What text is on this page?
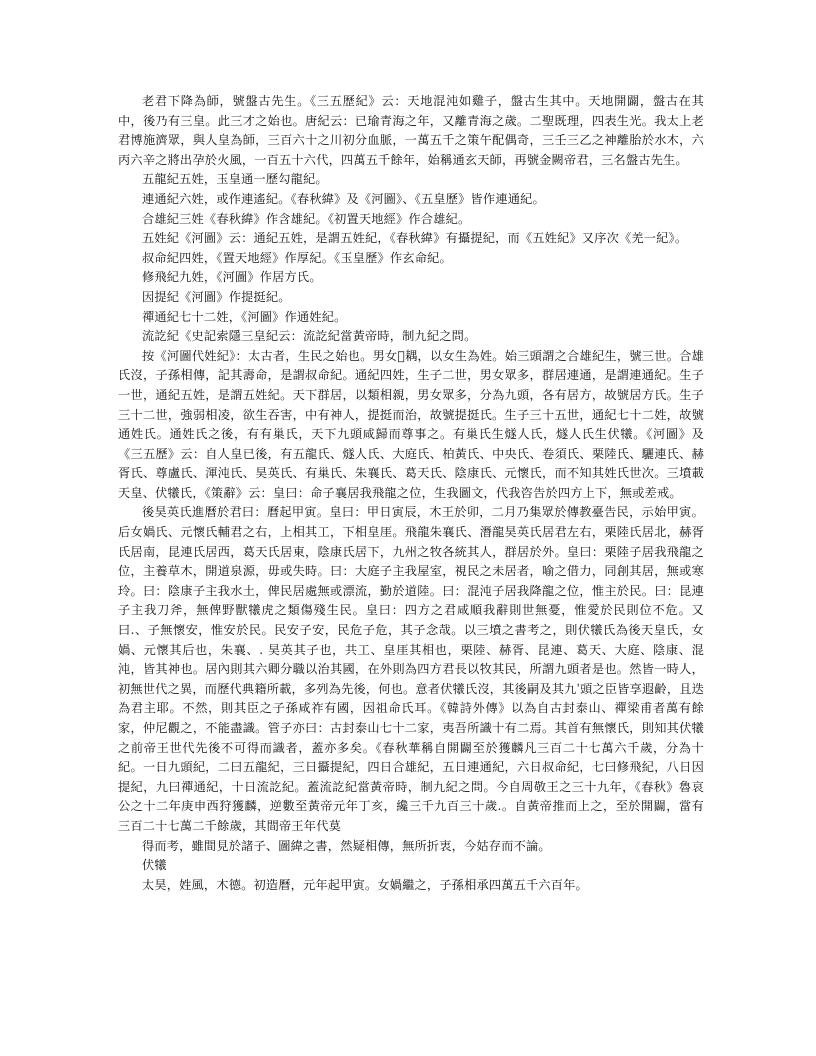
老君下降為師，號盤古先生。《三五歷紀》云：天地混沌如雞子，盤古生其中。天地開闢，盤古在其中，後乃有三皇。此三才之始也。唐紀云：已瑜青海之年，又離青海之歲。二聖既理，四表生光。我太上老君博施濟眾，與人皇為師，三百六十之川初分血脈，一萬五千之策午配偶奇，三壬三乙之神離胎於水木，六丙六辛之將出孕於火風，一百五十六代，四萬五千餘年，始稱通玄天師，再號金闕帝君，三名盤古先生。

五龍紀五姓，玉皇通一歷勾龍紀。

連通紀六姓，或作連遙紀。《春秋緯》及《河圖》、《五皇歷》皆作連通紀。

合雄紀三姓《春秋緯》作含雄紀。《初置天地經》作合雄紀。

五姓紀《河圖》云：通紀五姓，是謂五姓紀，《春秋緯》有攝提紀，而《五姓紀》又序次《羌一紀》。

叔命紀四姓，《置天地經》作厚紀。《玉皇歷》作玄命紀。

修飛紀九姓，《河圖》作居方氏。

因提紀《河圖》作提挺紀。

禪通紀七十二姓，《河圖》作通姓紀。

流訖紀《史記索隱三皇紀云：流訖紀當黃帝時，制九紀之問。

按《河圖代姓紀》：太古者，生民之始也。男女𫂖耦，以女生為姓。始三頭謂之合雄紀生，號三世。合雄氏沒，子孫相傳，記其壽命，是謂叔命紀。通紀四姓，生子二世，男女眾多，群居連通，是謂連通紀。生子一世，通紀五姓，是謂五姓紀。天下群居，以類相親，男女眾多，分為九頭，各有居方，故號居方氏。生子三十二世，強弱相凌，欲生吞害，中有神人，提挺而治，故號提挺氏。生子三十五世，通紀七十二姓，故號通姓氏。通姓氏之後，有有巢氏，天下九頭咸歸而尊事之。有巢氏生燧人氏，燧人氏生伏犧。《河圖》及《三五歷》云：自人皇已後，有五龍氏、燧人氏、大庭氏、柏黃氏、中央氏、卷須氏、栗陸氏、驪連氏、赫胥氏、尊盧氏、渾沌氏、昊英氏、有巢氏、朱襄氏、葛天氏、陰康氏、元懷氏，而不知其姓氏世次。三墳載天皇、伏犧氏，《策辭》云：皇曰：命子襄居我飛龍之位，生我圖文，代我咨告於四方上下，無或差戒。

後昊英氏進曆於君曰：曆起甲寅。皇曰：甲日寅辰，木王於卯，二月乃集眾於傳教臺告民，示始甲寅。后女媧氏、元懷氏輔君之右，上相其工，下相皇厓。飛龍朱襄氏、潛龍昊英氏居君左右，栗陸氏居北，赫胥氏居南，昆連氏居西，葛天氏居東，陰康氏居下，九州之牧各統其人，群居於外。皇曰：栗陸子居我飛龍之位，主養草木，開道泉源，毋或失時。曰：大庭子主我屋室，視民之未居者，喻之借力，同創其居，無或寒玲。曰：陰康子主我水土，俾民居處無或漂流，勤於道陸。曰：混沌子居我降龍之位，惟主於民。曰：昆連子主我刀斧，無俾野獸犧虎之類傷殘生民。皇曰：四方之君咸順我辭則世無憂，惟愛於民則位不危。又曰.、子無懷安，惟安於民。民安子安，民危子危，其子念哉。以三墳之書考之，則伏犧氏為後天皇氏，女媧、元懷其后也，朱襄、. 昊英其子也，共工、皇厓其相也，栗陸、赫胥、昆連、葛天、大庭、陰康、混沌，皆其神也。居內則其六卿分職以治其國，在外則為四方君長以牧其民，所謂九頭者是也。然皆一時人，初無世代之異，而歷代典籍所載，多列為先後，何也。意者伏犧氏沒，其後嗣及其九ˈ頭之臣皆享遐齡，且迭為君主耶。不然，則其臣之子孫咸祚有國，因祖命氏耳。《韓詩外傳》以為自古封泰山、禪梁甫者萬有餘家，仲尼觀之，不能盡識。管子亦曰：古封泰山七十二家，夷吾所識十有二焉。其首有無懷氏，則知其伏犧之前帝王世代先後不可得而識者，蓋亦多矣。《春秋華稱自開闢至於獲麟凡三百二十七萬六千歲，分為十紀。一日九頭紀，二曰五龍紀，三日攝提紀，四日合雄紀，五日連通紀，六日叔命紀，七曰修飛紀，八日因提紀，九曰禪通紀，十日流訖紀。蓋流訖紀當黃帝時，制九紀之問。今自周敬王之三十九年，《春秋》魯哀公之十二年庚申西狩獲麟，逆數至黃帝元年丁亥，纔三千九百三十歲.。自黃帝推而上之，至於開闢，當有三百二十七萬二千餘歲，其間帝王年代莫

得而考，雖間見於諸子、圖緯之書，然疑相傳，無所折衷，今姑存而不論。

伏犧

太昊，姓風，木德。初造曆，元年起甲寅。女媧繼之，子孫相承四萬五千六百年。
